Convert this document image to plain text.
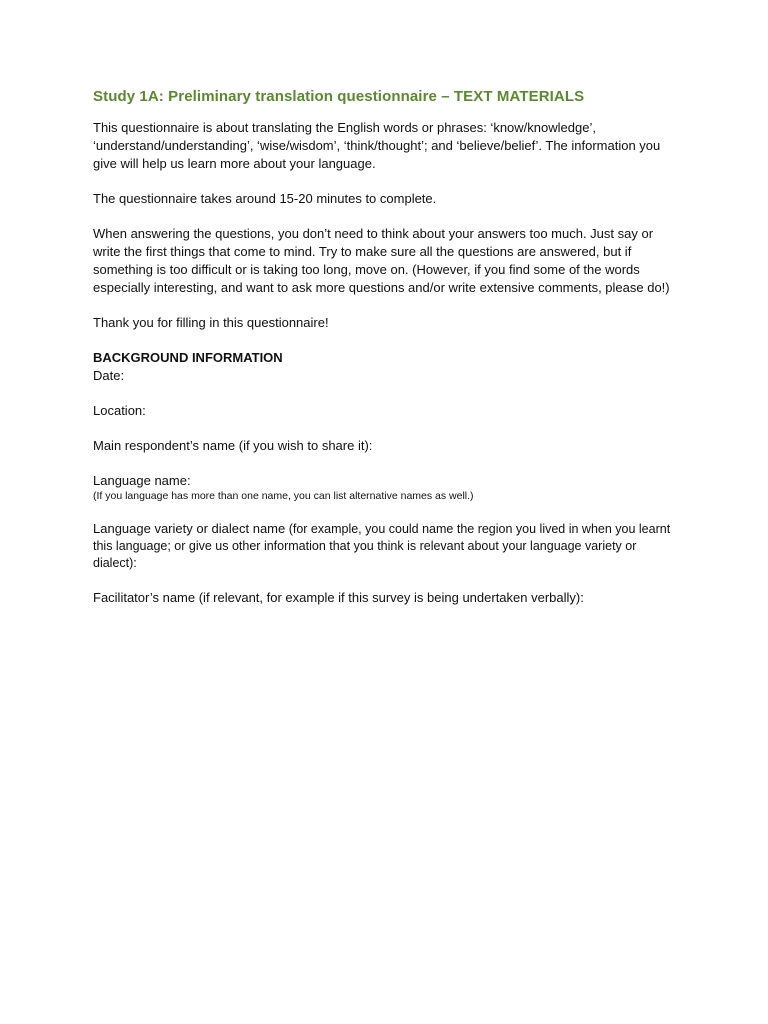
Study 1A: Preliminary translation questionnaire – TEXT MATERIALS

This questionnaire is about translating the English words or phrases: ‘know/knowledge’, ‘understand/understanding’, ‘wise/wisdom’, ‘think/thought’; and ‘believe/belief’. The information you give will help us learn more about your language.

The questionnaire takes around 15-20 minutes to complete.

When answering the questions, you don’t need to think about your answers too much. Just say or write the first things that come to mind. Try to make sure all the questions are answered, but if something is too difficult or is taking too long, move on. (However, if you find some of the words especially interesting, and want to ask more questions and/or write extensive comments, please do!)

Thank you for filling in this questionnaire!

BACKGROUND INFORMATION

Date:

Location:

Main respondent’s name (if you wish to share it):

Language name:

(If you language has more than one name, you can list alternative names as well.)

Language variety or dialect name (for example, you could name the region you lived in when you learnt this language; or give us other information that you think is relevant about your language variety or dialect):

Facilitator’s name (if relevant, for example if this survey is being undertaken verbally):
